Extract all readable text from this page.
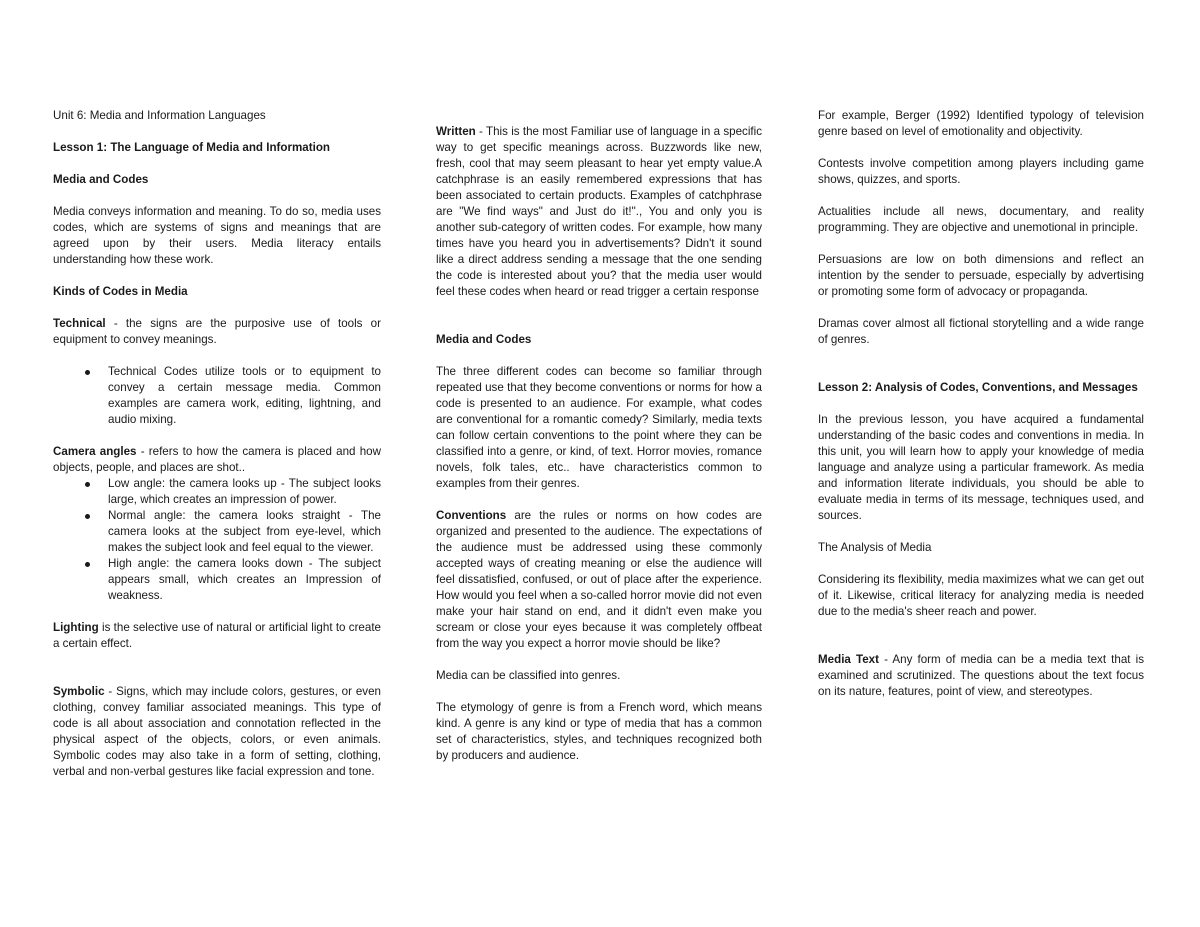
Unit 6: Media and Information Languages

Lesson 1: The Language of Media and Information

Media and Codes

Media conveys information and meaning. To do so, media uses codes, which are systems of signs and meanings that are agreed upon by their users. Media literacy entails understanding how these work.

Kinds of Codes in Media

Technical - the signs are the purposive use of tools or equipment to convey meanings.

Technical Codes utilize tools or to equipment to convey a certain message media. Common examples are camera work, editing, lightning, and audio mixing.

Camera angles - refers to how the camera is placed and how objects, people, and places are shot..

Low angle: the camera looks up - The subject looks large, which creates an impression of power.
Normal angle: the camera looks straight - The camera looks at the subject from eye-level, which makes the subject look and feel equal to the viewer.
High angle: the camera looks down - The subject appears small, which creates an Impression of weakness.

Lighting is the selective use of natural or artificial light to create a certain effect.

Symbolic - Signs, which may include colors, gestures, or even clothing, convey familiar associated meanings. This type of code is all about association and connotation reflected in the physical aspect of the objects, colors, or even animals. Symbolic codes may also take in a form of setting, clothing, verbal and non-verbal gestures like facial expression and tone.

Written - This is the most Familiar use of language in a specific way to get specific meanings across. Buzzwords like new, fresh, cool that may seem pleasant to hear yet empty value.A catchphrase is an easily remembered expressions that has been associated to certain products. Examples of catchphrase are "We find ways" and Just do it!"., You and only you is another sub-category of written codes. For example, how many times have you heard you in advertisements? Didn't it sound like a direct address sending a message that the one sending the code is interested about you? that the media user would feel these codes when heard or read trigger a certain response

Media and Codes

The three different codes can become so familiar through repeated use that they become conventions or norms for how a code is presented to an audience. For example, what codes are conventional for a romantic comedy? Similarly, media texts can follow certain conventions to the point where they can be classified into a genre, or kind, of text. Horror movies, romance novels, folk tales, etc.. have characteristics common to examples from their genres.

Conventions are the rules or norms on how codes are organized and presented to the audience. The expectations of the audience must be addressed using these commonly accepted ways of creating meaning or else the audience will feel dissatisfied, confused, or out of place after the experience. How would you feel when a so-called horror movie did not even make your hair stand on end, and it didn't even make you scream or close your eyes because it was completely offbeat from the way you expect a horror movie should be like?

Media can be classified into genres.

The etymology of genre is from a French word, which means kind. A genre is any kind or type of media that has a common set of characteristics, styles, and techniques recognized both by producers and audience.

For example, Berger (1992) Identified typology of television genre based on level of emotionality and objectivity.

Contests involve competition among players including game shows, quizzes, and sports.

Actualities include all news, documentary, and reality programming. They are objective and unemotional in principle.

Persuasions are low on both dimensions and reflect an intention by the sender to persuade, especially by advertising or promoting some form of advocacy or propaganda.

Dramas cover almost all fictional storytelling and a wide range of genres.

Lesson 2: Analysis of Codes, Conventions, and Messages

In the previous lesson, you have acquired a fundamental understanding of the basic codes and conventions in media. In this unit, you will learn how to apply your knowledge of media language and analyze using a particular framework. As media and information literate individuals, you should be able to evaluate media in terms of its message, techniques used, and sources.

The Analysis of Media

Considering its flexibility, media maximizes what we can get out of it. Likewise, critical literacy for analyzing media is needed due to the media's sheer reach and power.

Media Text - Any form of media can be a media text that is examined and scrutinized. The questions about the text focus on its nature, features, point of view, and stereotypes.
